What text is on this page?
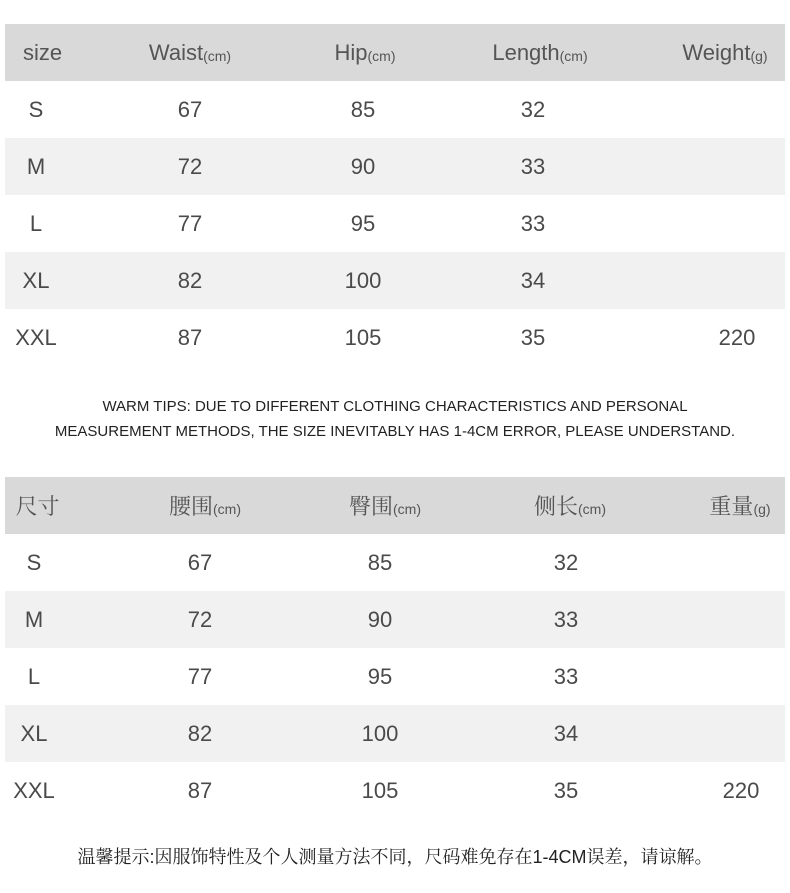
size	Waist (cm)	Hip (cm)	Length (cm)	Weight (g)
S	67	85	32
M	72	90	33
L	77	95	33
XL	82	100	34
XXL	87	105	35	220
WARM TIPS: DUE TO DIFFERENT CLOTHING CHARACTERISTICS AND PERSONAL
MEASUREMENT METHODS, THE SIZE INEVITABLY HAS 1-4CM ERROR, PLEASE UNDERSTAND.
尺寸	腰围 (cm)	臀围 (cm)	侧长 (cm)	重量 (g)
S	67	85	32
M	72	90	33
L	77	95	33
XL	82	100	34
XXL	87	105	35	220
温馨提示:因服饰特性及个人测量方法不同，尺码难免存在1-4CM误差，请谅解。
